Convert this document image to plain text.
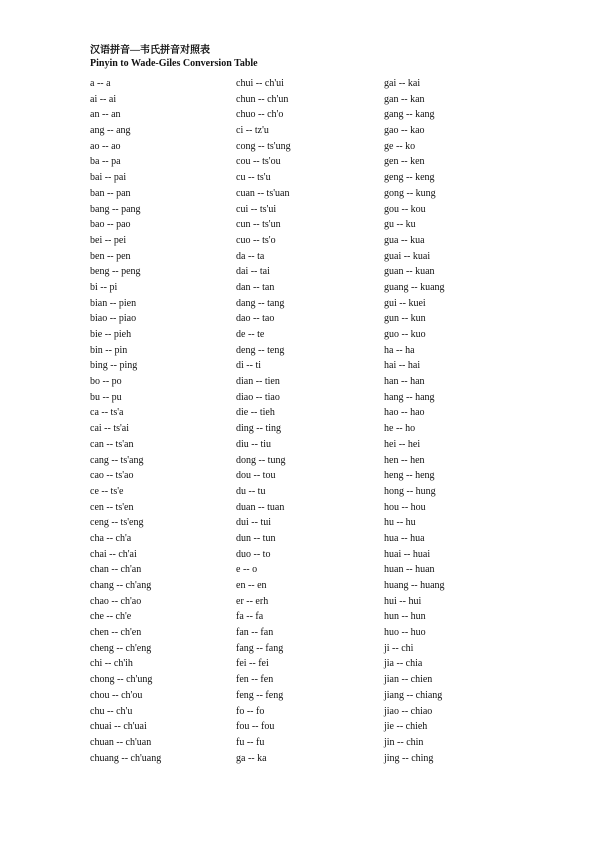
汉语拼音—韦氏拼音对照表
Pinyin to Wade-Giles Conversion Table
a -- a
ai -- ai
an -- an
ang -- ang
ao -- ao
ba -- pa
bai -- pai
ban -- pan
bang -- pang
bao -- pao
bei -- pei
ben -- pen
beng -- peng
bi -- pi
bian -- pien
biao -- piao
bie -- pieh
bin -- pin
bing -- ping
bo -- po
bu -- pu
ca -- ts'a
cai -- ts'ai
can -- ts'an
cang -- ts'ang
cao -- ts'ao
ce -- ts'e
cen -- ts'en
ceng -- ts'eng
cha -- ch'a
chai -- ch'ai
chan -- ch'an
chang -- ch'ang
chao -- ch'ao
che -- ch'e
chen -- ch'en
cheng -- ch'eng
chi -- ch'ih
chong -- ch'ung
chou -- ch'ou
chu -- ch'u
chuai -- ch'uai
chuan -- ch'uan
chuang -- ch'uang
chui -- ch'ui
chun -- ch'un
chuo -- ch'o
ci -- tz'u
cong -- ts'ung
cou -- ts'ou
cu -- ts'u
cuan -- ts'uan
cui -- ts'ui
cun -- ts'un
cuo -- ts'o
da -- ta
dai -- tai
dan -- tan
dang -- tang
dao -- tao
de -- te
deng -- teng
di -- ti
dian -- tien
diao -- tiao
die -- tieh
ding -- ting
diu -- tiu
dong -- tung
dou -- tou
du -- tu
duan -- tuan
dui -- tui
dun -- tun
duo -- to
e -- o
en -- en
er -- erh
fa -- fa
fan -- fan
fang -- fang
fei -- fei
fen -- fen
feng -- feng
fo -- fo
fou -- fou
fu -- fu
ga -- ka
gai -- kai
gan -- kan
gang -- kang
gao -- kao
ge -- ko
gen -- ken
geng -- keng
gong -- kung
gou -- kou
gu -- ku
gua -- kua
guai -- kuai
guan -- kuan
guang -- kuang
gui -- kuei
gun -- kun
guo -- kuo
ha -- ha
hai -- hai
han -- han
hang -- hang
hao -- hao
he -- ho
hei -- hei
hen -- hen
heng -- heng
hong -- hung
hou -- hou
hu -- hu
hua -- hua
huai -- huai
huan -- huan
huang -- huang
hui -- hui
hun -- hun
huo -- huo
ji -- chi
jia -- chia
jian -- chien
jiang -- chiang
jiao -- chiao
jie -- chieh
jin -- chin
jing -- ching
